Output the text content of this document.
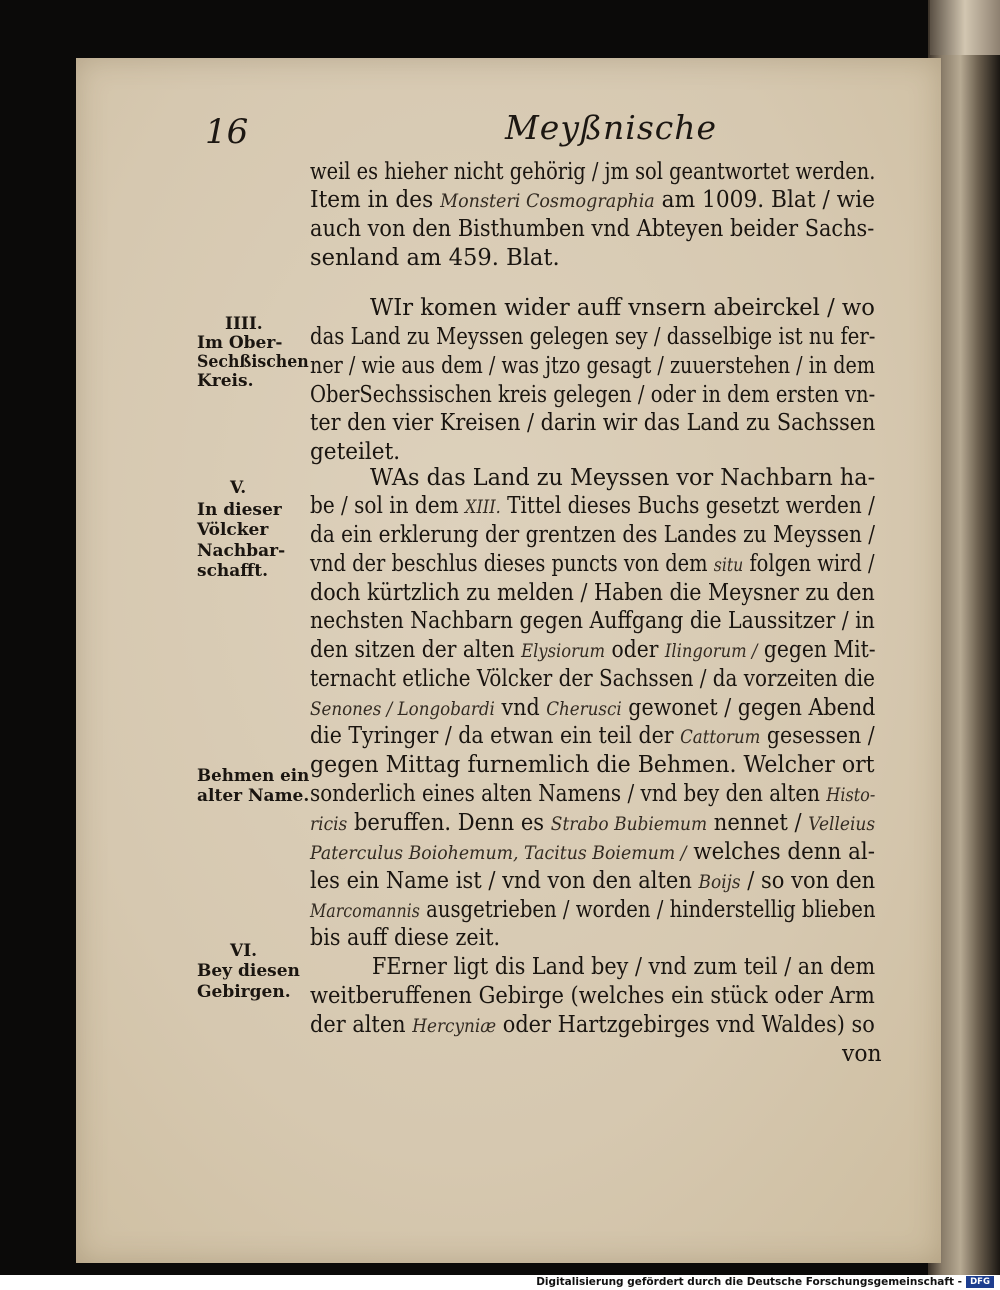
16	Meyßnische
IIII.
Im Ober-
Sechßischen
Kreis.
V.
In dieser
Völcker
Nachbar-
schafft.
Behmen ein
alter Name.
VI.
Bey diesen
Gebirgen.
weil es hieher nicht gehörig / jm sol geantwortet werden.
Item in des Monsteri Cosmographia am 1009. Blat / wie
auch von den Bisthumben vnd Abteyen beider Sachs-
senland am 459. Blat.
WIr komen wider auff vnsern abeirckel / wo
das Land zu Meyssen gelegen sey / dasselbige ist nu fer-
ner / wie aus dem / was jtzo gesagt / zuuerstehen / in dem
OberSechssischen kreis gelegen / oder in dem ersten vn-
ter den vier Kreisen / darin wir das Land zu Sachssen
geteilet.
WAs das Land zu Meyssen vor Nachbarn ha-
be / sol in dem XIII. Tittel dieses Buchs gesetzt werden /
da ein erklerung der grentzen des Landes zu Meyssen /
vnd der beschlus dieses puncts von dem situ folgen wird /
doch kürtzlich zu melden / Haben die Meysner zu den
nechsten Nachbarn gegen Auffgang die Laussitzer / in
den sitzen der alten Elysiorum oder Ilingorum / gegen Mit-
ternacht etliche Völcker der Sachssen / da vorzeiten die
Senones / Longobardi vnd Cherusci gewonet / gegen Abend
die Tyringer / da etwan ein teil der Cattorum gesessen /
gegen Mittag furnemlich die Behmen. Welcher ort
sonderlich eines alten Namens / vnd bey den alten Histo-
ricis beruffen. Denn es Strabo Bubiemum nennet / Velleius
Paterculus Boiohemum, Tacitus Boiemum / welches denn al-
les ein Name ist / vnd von den alten Boijs / so von den
Marcomannis ausgetrieben / worden / hinderstellig blieben
bis auff diese zeit.
FErner ligt dis Land bey / vnd zum teil / an dem
weitberuffenen Gebirge (welches ein stück oder Arm
der alten Hercyniæ oder Hartzgebirges vnd Waldes) so
von
Digitalisierung gefördert durch die Deutsche Forschungsgemeinschaft - DFG
